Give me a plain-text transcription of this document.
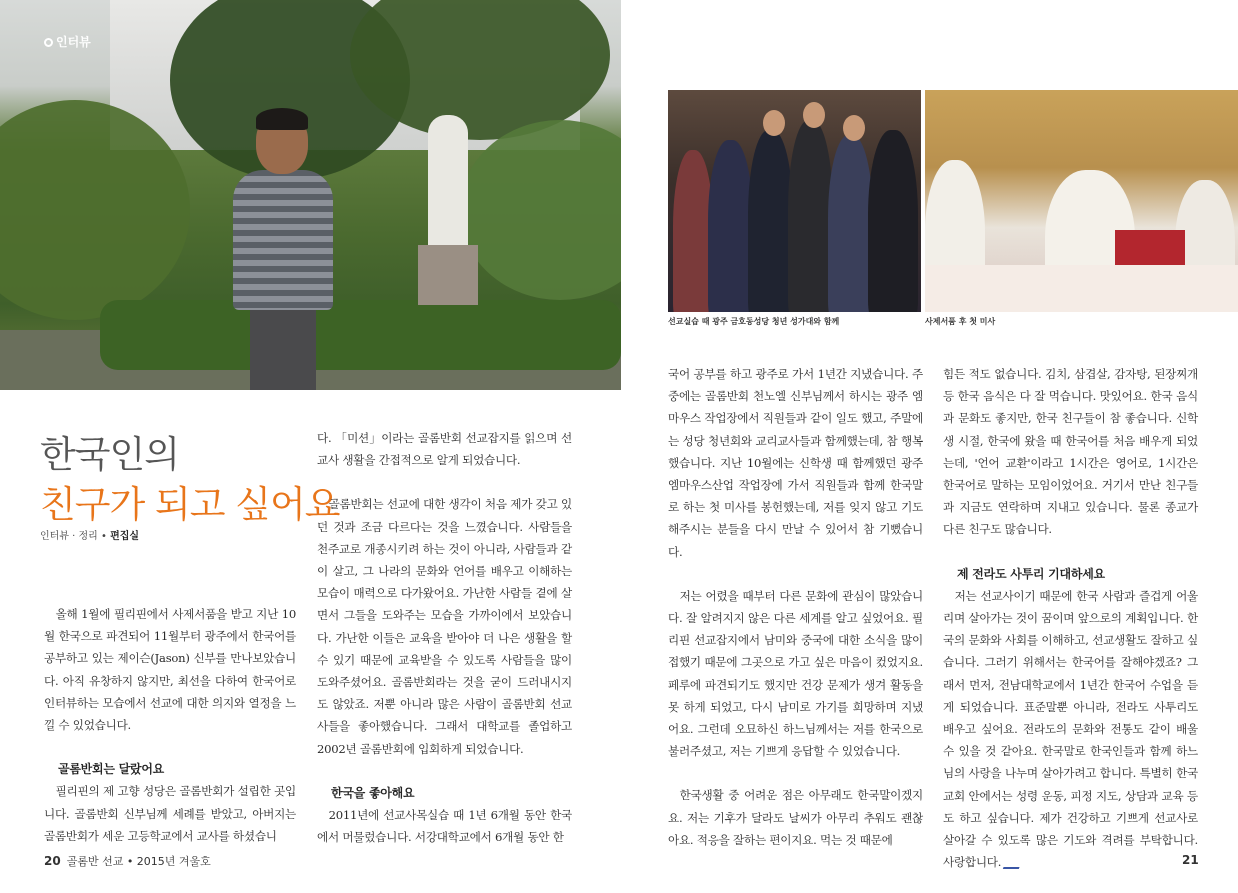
인터뷰
선교실습 때 광주 금호동성당 청년 성가대와 함께	사제서품 후 첫 미사
한국인의
친구가 되고 싶어요
인터뷰 · 정리 • 편집실

올해 1월에 필리핀에서 사제서품을 받고 지난 10월 한국으로 파견되어 11월부터 광주에서 한국어를 공부하고 있는 제이슨(Jason) 신부를 만나보았습니다. 아직 유창하지 않지만, 최선을 다하여 한국어로 인터뷰하는 모습에서 선교에 대한 의지와 열정을 느낄 수 있었습니다.

골롬반회는 달랐어요

필리핀의 제 고향 성당은 골롬반회가 설립한 곳입니다. 골롬반회 신부님께 세례를 받았고, 아버지는 골롬반회가 세운 고등학교에서 교사를 하셨습니

다. 「미션」이라는 골롬반회 선교잡지를 읽으며 선교사 생활을 간접적으로 알게 되었습니다.

골롬반회는 선교에 대한 생각이 처음 제가 갖고 있던 것과 조금 다르다는 것을 느꼈습니다. 사람들을 천주교로 개종시키려 하는 것이 아니라, 사람들과 같이 살고, 그 나라의 문화와 언어를 배우고 이해하는 모습이 매력으로 다가왔어요. 가난한 사람들 곁에 살면서 그들을 도와주는 모습을 가까이에서 보았습니다. 가난한 이들은 교육을 받아야 더 나은 생활을 할 수 있기 때문에 교육받을 수 있도록 사람들을 많이 도와주셨어요. 골롬반회라는 것을 굳이 드러내시지도 않았죠. 저뿐 아니라 많은 사람이 골롬반회 선교사들을 좋아했습니다. 그래서 대학교를 졸업하고 2002년 골롬반회에 입회하게 되었습니다.

한국을 좋아해요

2011년에 선교사목실습 때 1년 6개월 동안 한국에서 머물렀습니다. 서강대학교에서 6개월 동안 한

국어 공부를 하고 광주로 가서 1년간 지냈습니다. 주중에는 골롬반회 천노엘 신부님께서 하시는 광주 엠마우스 작업장에서 직원들과 같이 일도 했고, 주말에는 성당 청년회와 교리교사들과 함께했는데, 참 행복했습니다. 지난 10월에는 신학생 때 함께했던 광주 엠마우스산업 작업장에 가서 직원들과 함께 한국말로 하는 첫 미사를 봉헌했는데, 저를 잊지 않고 기도해주시는 분들을 다시 만날 수 있어서 참 기뻤습니다.

저는 어렸을 때부터 다른 문화에 관심이 많았습니다. 잘 알려지지 않은 다른 세계를 알고 싶었어요. 필리핀 선교잡지에서 남미와 중국에 대한 소식을 많이 접했기 때문에 그곳으로 가고 싶은 마음이 컸었지요. 페루에 파견되기도 했지만 건강 문제가 생겨 활동을 못 하게 되었고, 다시 남미로 가기를 희망하며 지냈어요. 그런데 오묘하신 하느님께서는 저를 한국으로 불러주셨고, 저는 기쁘게 응답할 수 있었습니다.

한국생활 중 어려운 점은 아무래도 한국말이겠지요. 저는 기후가 달라도 날씨가 아무리 추워도 괜찮아요. 적응을 잘하는 편이지요. 먹는 것 때문에

힘든 적도 없습니다. 김치, 삼겹살, 감자탕, 된장찌개 등 한국 음식은 다 잘 먹습니다. 맛있어요. 한국 음식과 문화도 좋지만, 한국 친구들이 참 좋습니다. 신학생 시절, 한국에 왔을 때 한국어를 처음 배우게 되었는데, '언어 교환'이라고 1시간은 영어로, 1시간은 한국어로 말하는 모임이었어요. 거기서 만난 친구들과 지금도 연락하며 지내고 있습니다. 물론 종교가 다른 친구도 많습니다.

제 전라도 사투리 기대하세요

저는 선교사이기 때문에 한국 사람과 즐겁게 어울리며 살아가는 것이 꿈이며 앞으로의 계획입니다. 한국의 문화와 사회를 이해하고, 선교생활도 잘하고 싶습니다. 그러기 위해서는 한국어를 잘해야겠죠? 그래서 먼저, 전남대학교에서 1년간 한국어 수업을 듣게 되었습니다. 표준말뿐 아니라, 전라도 사투리도 배우고 싶어요. 전라도의 문화와 전통도 같이 배울 수 있을 것 같아요. 한국말로 한국인들과 함께 하느님의 사랑을 나누며 살아가려고 합니다. 특별히 한국 교회 안에서는 성령 운동, 피정 지도, 상담과 교육 등도 하고 싶습니다. 제가 건강하고 기쁘게 선교사로 살아갈 수 있도록 많은 기도와 격려를 부탁합니다. 사랑합니다.

20 골롬반 선교 • 2015년 겨울호	21
